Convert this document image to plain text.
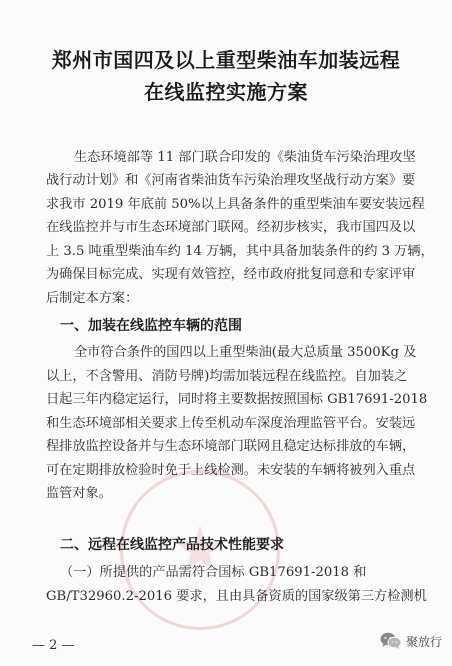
郑州市国四及以上重型柴油车加装远程
在线监控实施方案
生态环境部等 11 部门联合印发的《柴油货车污染治理攻坚
战行动计划》和《河南省柴油货车污染治理攻坚战行动方案》要
求我市 2019 年底前 50%以上具备条件的重型柴油车要安装远程
在线监控并与市生态环境部门联网。经初步核实，我市国四及以
上 3.5 吨重型柴油车约 14 万辆，其中具备加装条件的约 3 万辆，
为确保目标完成、实现有效管控，经市政府批复同意和专家评审
后制定本方案：
一、加装在线监控车辆的范围
全市符合条件的国四以上重型柴油(最大总质量 3500Kg 及
以上，不含警用、消防号牌)均需加装远程在线监控。自加装之
日起三年内稳定运行，同时将主要数据按照国标 GB17691-2018
和生态环境部相关要求上传至机动车深度治理监管平台。安装远
程排放监控设备并与生态环境部门联网且稳定达标排放的车辆，
可在定期排放检验时免于上线检测。未安装的车辆将被列入重点
监管对象。
二、远程在线监控产品技术性能要求
（一）所提供的产品需符合国标 GB17691-2018 和
GB/T32960.2-2016 要求，且由具备资质的国家级第三方检测机
— 2 —	聚放行
